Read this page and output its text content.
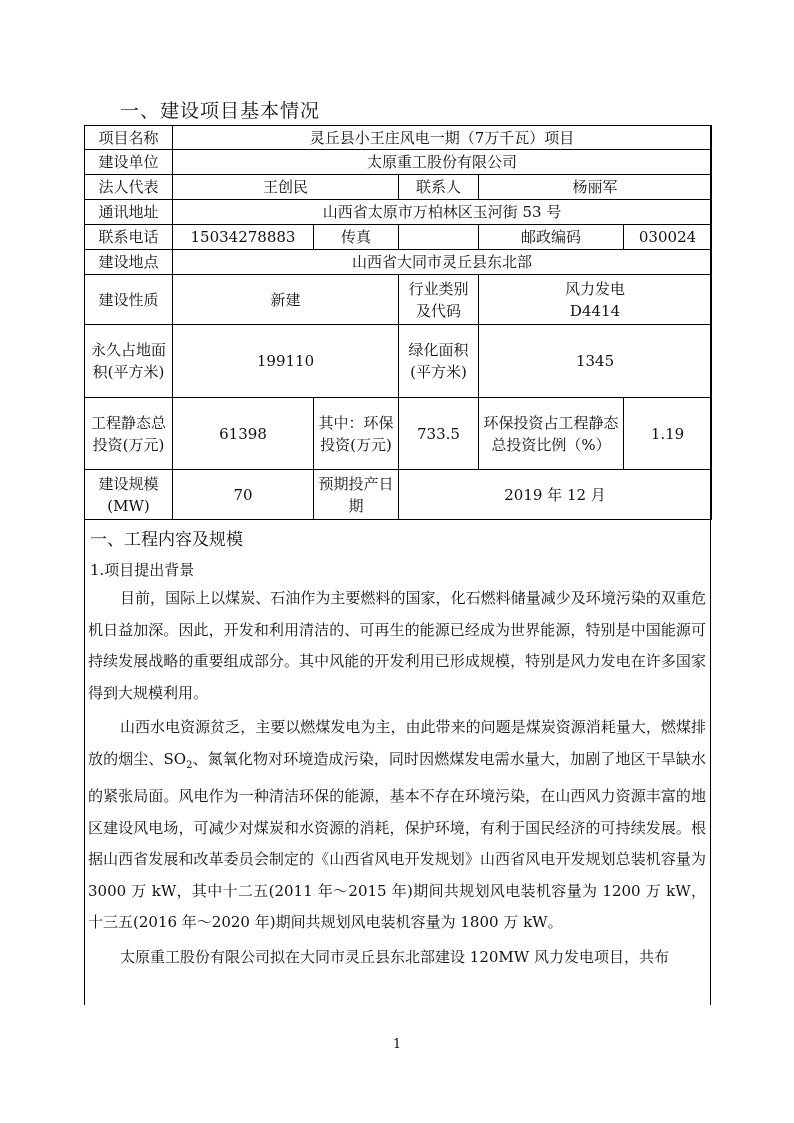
一、建设项目基本情况
项目名称	灵丘县小王庄风电一期（7万千瓦）项目				
建设单位	太原重工股份有限公司				
法人代表	王创民		联系人	杨丽军	
通讯地址	山西省太原市万柏林区玉河街 53 号				
联系电话	15034278883	传真		邮政编码	030024
建设地点	山西省大同市灵丘县东北部				
建设性质	新建		行业类别及代码	风力发电
D4414	

永久占地面积(平方米)	199110		绿化面积(平方米)	1345	
工程静态总投资(万元)	61398	其中：环保投资(万元)	733.5	环保投资占工程静态总投资比例（%）	1.19
建设规模(MW)	70	预期投产日期	2019 年 12 月		
一、工程内容及规模
1.项目提出背景

目前，国际上以煤炭、石油作为主要燃料的国家，化石燃料储量减少及环境污染的双重危机日益加深。因此，开发和利用清洁的、可再生的能源已经成为世界能源，特别是中国能源可持续发展战略的重要组成部分。其中风能的开发利用已形成规模，特别是风力发电在许多国家得到大规模利用。

山西水电资源贫乏，主要以燃煤发电为主，由此带来的问题是煤炭资源消耗量大，燃煤排放的烟尘、$SO_2$、氮氧化物对环境造成污染，同时因燃煤发电需水量大，加剧了地区干旱缺水的紧张局面。风电作为一种清洁环保的能源，基本不存在环境污染，在山西风力资源丰富的地区建设风电场，可减少对煤炭和水资源的消耗，保护环境，有利于国民经济的可持续发展。根据山西省发展和改革委员会制定的《山西省风电开发规划》山西省风电开发规划总装机容量为 3000 万 kW，其中十二五(2011 年～2015 年)期间共规划风电装机容量为 1200 万 kW，十三五(2016 年～2020 年)期间共规划风电装机容量为 1800 万 kW。

太原重工股份有限公司拟在大同市灵丘县东北部建设 120MW 风力发电项目，共布

1
